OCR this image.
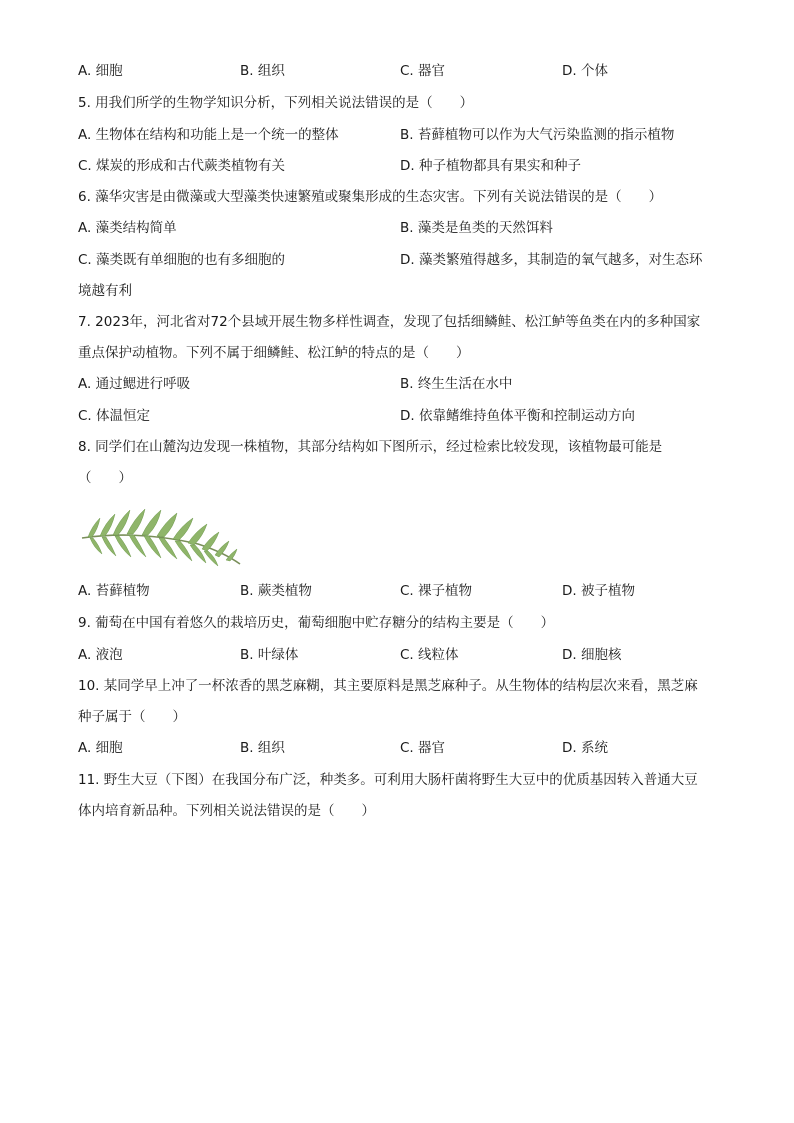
A. 细胞	B. 组织	C. 器官	D. 个体
5. 用我们所学的生物学知识分析，下列相关说法错误的是（　　）
A. 生物体在结构和功能上是一个统一的整体	B. 苔藓植物可以作为大气污染监测的指示植物
C. 煤炭的形成和古代蕨类植物有关	D. 种子植物都具有果实和种子
6. 藻华灾害是由微藻或大型藻类快速繁殖或聚集形成的生态灾害。下列有关说法错误的是（　　）
A. 藻类结构简单	B. 藻类是鱼类的天然饵料
C. 藻类既有单细胞的也有多细胞的	D. 藻类繁殖得越多，其制造的氧气越多，对生态环
境越有利
7. 2023年，河北省对72个县域开展生物多样性调查，发现了包括细鳞鲑、松江鲈等鱼类在内的多种国家
重点保护动植物。下列不属于细鳞鲑、松江鲈的特点的是（　　）
A. 通过鳃进行呼吸	B. 终生生活在水中
C. 体温恒定	D. 依靠鳍维持鱼体平衡和控制运动方向
8. 同学们在山麓沟边发现一株植物，其部分结构如下图所示，经过检索比较发现，该植物最可能是
（　　）
A. 苔藓植物	B. 蕨类植物	C. 裸子植物	D. 被子植物
9. 葡萄在中国有着悠久的栽培历史，葡萄细胞中贮存糖分的结构主要是（　　）
A. 液泡	B. 叶绿体	C. 线粒体	D. 细胞核
10. 某同学早上冲了一杯浓香的黑芝麻糊，其主要原料是黑芝麻种子。从生物体的结构层次来看，黑芝麻
种子属于（　　）
A. 细胞	B. 组织	C. 器官	D. 系统
11. 野生大豆（下图）在我国分布广泛，种类多。可利用大肠杆菌将野生大豆中的优质基因转入普通大豆
体内培育新品种。下列相关说法错误的是（　　）
